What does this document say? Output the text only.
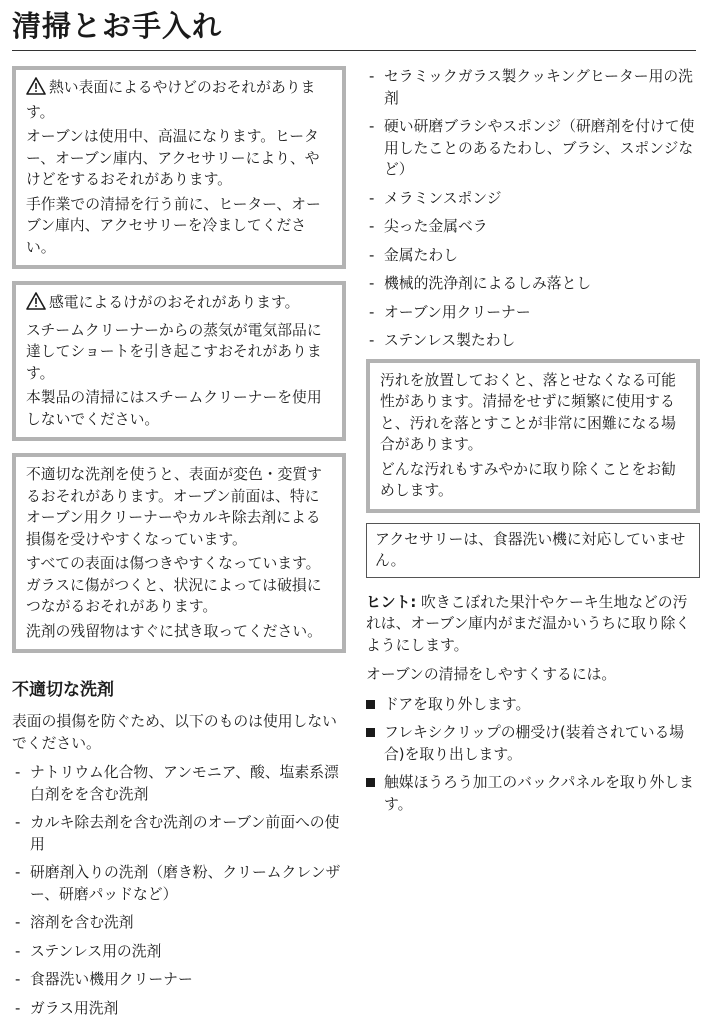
清掃とお手入れ

熱い表面によるやけどのおそれがあります。

オーブンは使用中、高温になります。ヒーター、オーブン庫内、アクセサリーにより、やけどをするおそれがあります。

手作業での清掃を行う前に、ヒーター、オーブン庫内、アクセサリーを冷ましてください。

感電によるけがのおそれがあります。

スチームクリーナーからの蒸気が電気部品に達してショートを引き起こすおそれがあります。

本製品の清掃にはスチームクリーナーを使用しないでください。

不適切な洗剤を使うと、表面が変色・変質するおそれがあります。オーブン前面は、特にオーブン用クリーナーやカルキ除去剤による損傷を受けやすくなっています。

すべての表面は傷つきやすくなっています。ガラスに傷がつくと、状況によっては破損につながるおそれがあります。

洗剤の残留物はすぐに拭き取ってください。

不適切な洗剤

表面の損傷を防ぐため、以下のものは使用しないでください。

- ナトリウム化合物、アンモニア、酸、塩素系漂白剤をを含む洗剤
- カルキ除去剤を含む洗剤のオーブン前面への使用
- 研磨剤入りの洗剤（磨き粉、クリームクレンザー、研磨パッドなど）
- 溶剤を含む洗剤
- ステンレス用の洗剤
- 食器洗い機用クリーナー
- ガラス用洗剤
- セラミックガラス製クッキングヒーター用の洗剤
- 硬い研磨ブラシやスポンジ（研磨剤を付けて使用したことのあるたわし、ブラシ、スポンジなど）
- メラミンスポンジ
- 尖った金属ベラ
- 金属たわし
- 機械的洗浄剤によるしみ落とし
- オーブン用クリーナー
- ステンレス製たわし

汚れを放置しておくと、落とせなくなる可能性があります。清掃をせずに頻繁に使用すると、汚れを落とすことが非常に困難になる場合があります。

どんな汚れもすみやかに取り除くことをお勧めします。

アクセサリーは、食器洗い機に対応していません。

ヒント: 吹きこぼれた果汁やケーキ生地などの汚れは、オーブン庫内がまだ温かいうちに取り除くようにします。

オーブンの清掃をしやすくするには。

ドアを取り外します。
フレキシクリップの棚受け(装着されている場合)を取り出します。
触媒ほうろう加工のバックパネルを取り外します。
